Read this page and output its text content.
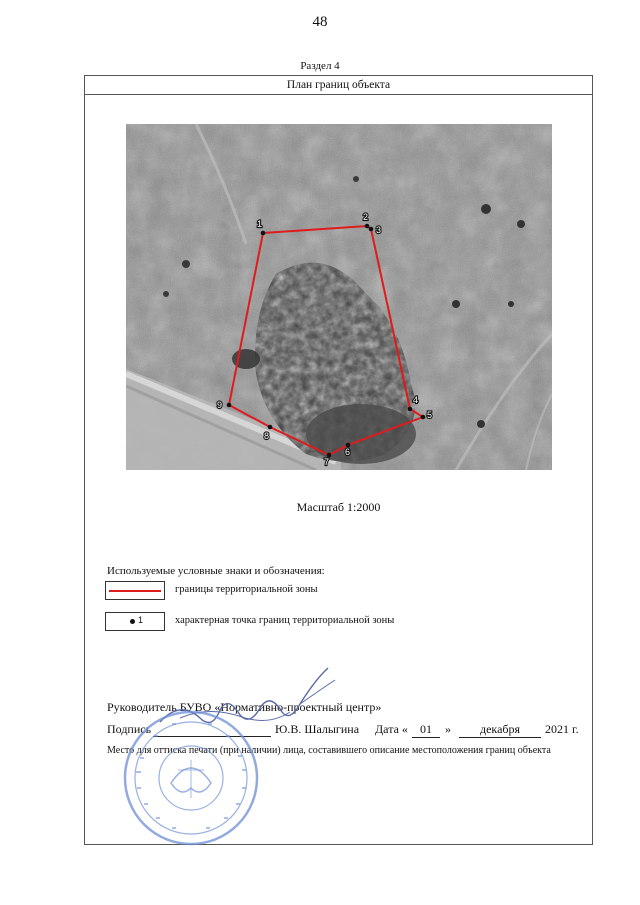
48
Раздел 4
План границ объекта
1
2
3
4
5
6
7
8
9
Масштаб 1:2000
Используемые условные знаки и обозначения:
границы территориальной зоны
1	характерная точка границ территориальной зоны
Руководитель БУВО «Нормативно-проектный центр»
Подпись	Ю.В. Шалыгина Дата «	01	»	декабря	2021 г.
Место для оттиска печати (при наличии) лица, составившего описание местоположения границ объекта
